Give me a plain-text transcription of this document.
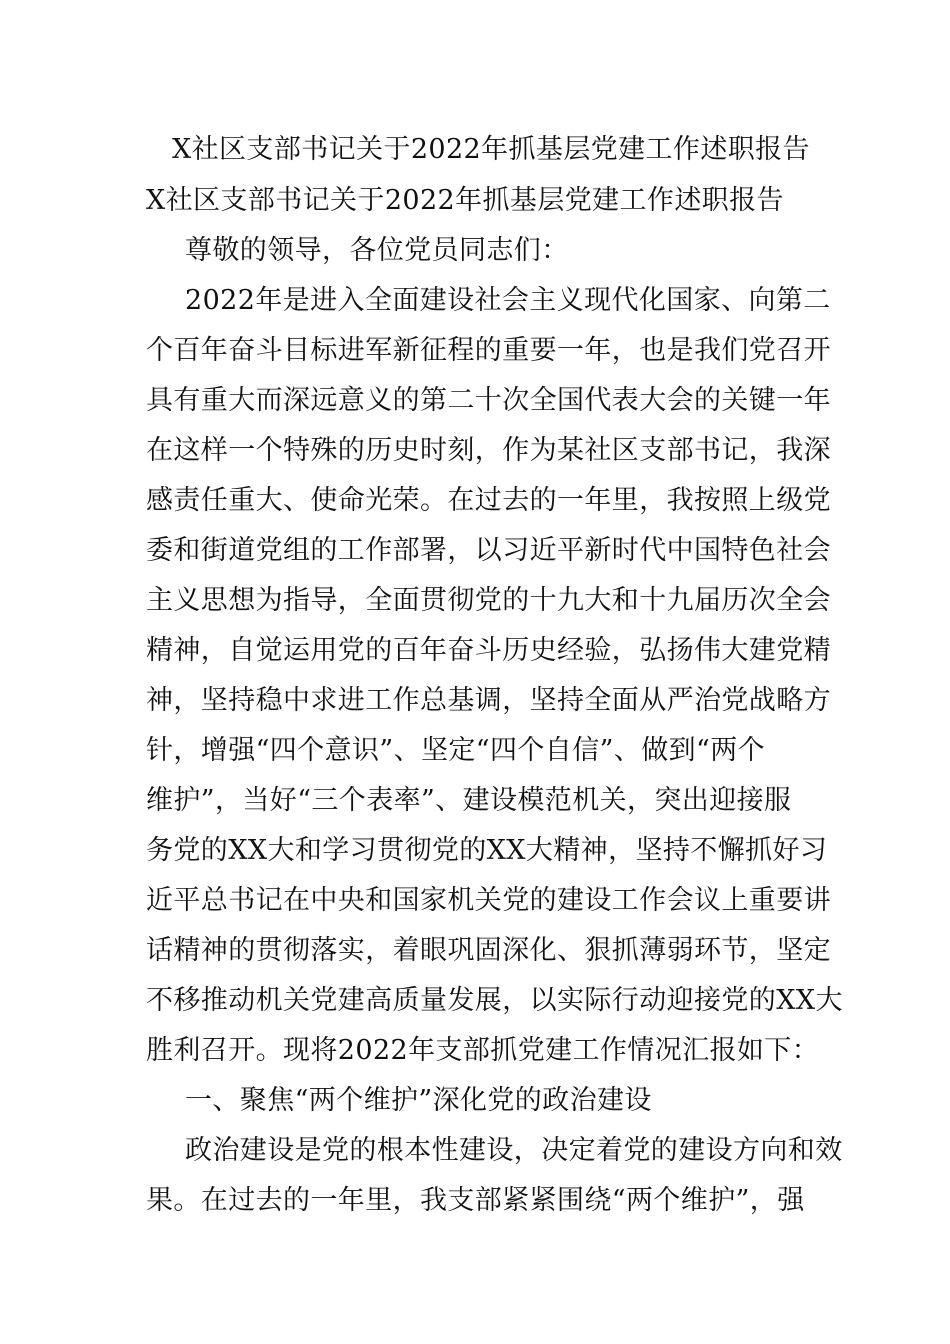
X社区支部书记关于2022年抓基层党建工作述职报告
X社区支部书记关于2022年抓基层党建工作述职报告
尊敬的领导，各位党员同志们：
2022年是进入全面建设社会主义现代化国家、向第二
个百年奋斗目标进军新征程的重要一年，也是我们党召开
具有重大而深远意义的第二十次全国代表大会的关键一年
在这样一个特殊的历史时刻，作为某社区支部书记，我深
感责任重大、使命光荣。在过去的一年里，我按照上级党
委和街道党组的工作部署，以习近平新时代中国特色社会
主义思想为指导，全面贯彻党的十九大和十九届历次全会
精神，自觉运用党的百年奋斗历史经验，弘扬伟大建党精
神，坚持稳中求进工作总基调，坚持全面从严治党战略方
针，增强“四个意识”、坚定“四个自信”、做到“两个
维护”，当好“三个表率”、建设模范机关，突出迎接服
务党的XX大和学习贯彻党的XX大精神，坚持不懈抓好习
近平总书记在中央和国家机关党的建设工作会议上重要讲
话精神的贯彻落实，着眼巩固深化、狠抓薄弱环节，坚定
不移推动机关党建高质量发展，以实际行动迎接党的XX大
胜利召开。现将2022年支部抓党建工作情况汇报如下：
一、聚焦“两个维护”深化党的政治建设
政治建设是党的根本性建设，决定着党的建设方向和效
果。在过去的一年里，我支部紧紧围绕“两个维护”，强
